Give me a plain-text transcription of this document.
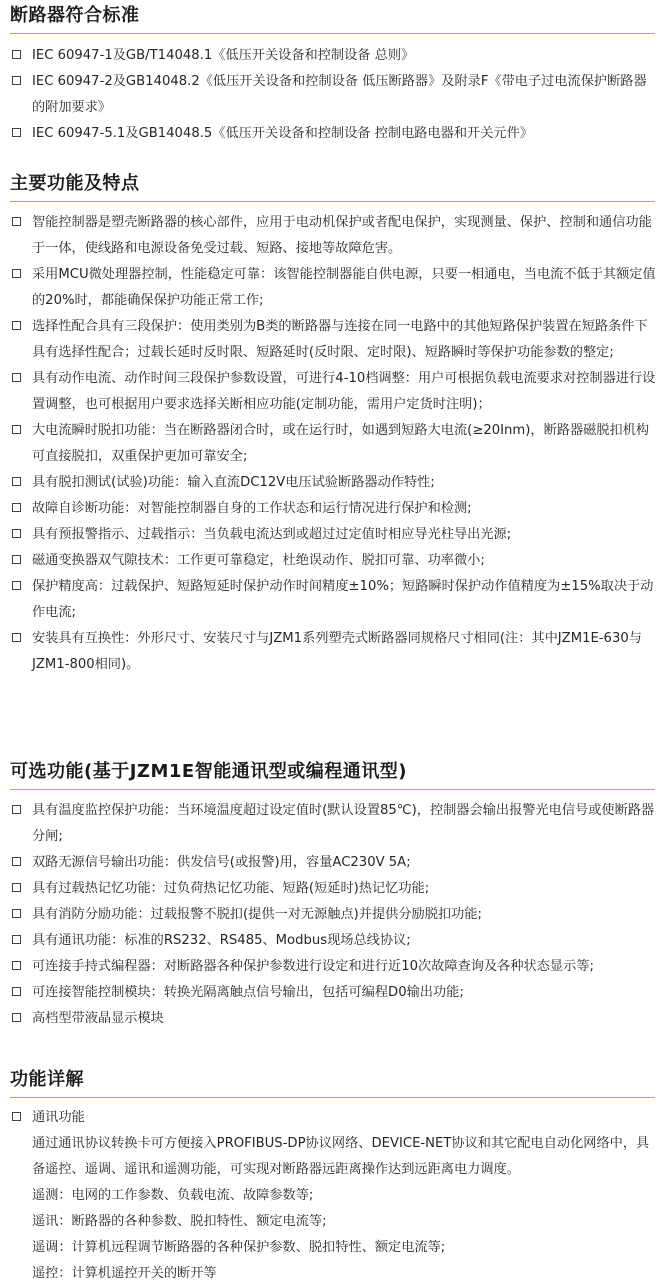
断路器符合标准
IEC 60947-1及GB/T14048.1《低压开关设备和控制设备 总则》
IEC 60947-2及GB14048.2《低压开关设备和控制设备 低压断路器》及附录F《带电子过电流保护断路器的附加要求》
IEC 60947-5.1及GB14048.5《低压开关设备和控制设备 控制电路电器和开关元件》
主要功能及特点
智能控制器是塑壳断路器的核心部件，应用于电动机保护或者配电保护，实现测量、保护、控制和通信功能于一体，使线路和电源设备免受过载、短路、接地等故障危害。
采用MCU微处理器控制，性能稳定可靠：该智能控制器能自供电源，只要一相通电，当电流不低于其额定值的20%时，都能确保保护功能正常工作;
选择性配合具有三段保护：使用类别为B类的断路器与连接在同一电路中的其他短路保护装置在短路条件下具有选择性配合；过载长延时反时限、短路延时(反时限、定时限)、短路瞬时等保护功能参数的整定;
具有动作电流、动作时间三段保护参数设置，可进行4-10档调整：用户可根据负载电流要求对控制器进行设置调整，也可根据用户要求选择关断相应功能(定制功能，需用户定货时注明)；
大电流瞬时脱扣功能：当在断路器闭合时，或在运行时，如遇到短路大电流(≥20Inm)，断路器磁脱扣机构可直接脱扣，双重保护更加可靠安全;
具有脱扣测试(试验)功能：输入直流DC12V电压试验断路器动作特性;
故障自诊断功能：对智能控制器自身的工作状态和运行情况进行保护和检测;
具有预报警指示、过载指示：当负载电流达到或超过过定值时相应导光柱导出光源;
磁通变换器双气隙技术：工作更可靠稳定，杜绝误动作、脱扣可靠、功率微小;
保护精度高：过载保护、短路短延时保护动作时间精度±10%；短路瞬时保护动作值精度为±15%取决于动作电流;
安装具有互换性：外形尺寸、安装尺寸与JZM1系列塑壳式断路器同规格尺寸相同(注：其中JZM1E-630与JZM1-800相同)。
可选功能(基于JZM1E智能通讯型或编程通讯型)
具有温度监控保护功能：当环境温度超过设定值时(默认设置85℃)，控制器会输出报警光电信号或使断路器分闸;
双路无源信号输出功能：供发信号(或报警)用，容量AC230V 5A;
具有过载热记忆功能：过负荷热记忆功能、短路(短延时)热记忆功能;
具有消防分励功能：过载报警不脱扣(提供一对无源触点)并提供分励脱扣功能;
具有通讯功能：标准的RS232、RS485、Modbus现场总线协议;
可连接手持式编程器：对断路器各种保护参数进行设定和进行近10次故障查询及各种状态显示等;
可连接智能控制模块：转换光隔离触点信号输出，包括可编程D0输出功能;
高档型带液晶显示模块
功能详解
通讯功能
通过通讯协议转换卡可方便接入PROFIBUS-DP协议网络、DEVICE-NET协议和其它配电自动化网络中，具备遥控、遥调、遥讯和遥测功能，可实现对断路器远距离操作达到远距离电力调度。
遥测：电网的工作参数、负载电流、故障参数等;
遥讯：断路器的各种参数、脱扣特性、额定电流等;
遥调：计算机远程调节断路器的各种保护参数、脱扣特性、额定电流等;
遥控：计算机遥控开关的断开等
